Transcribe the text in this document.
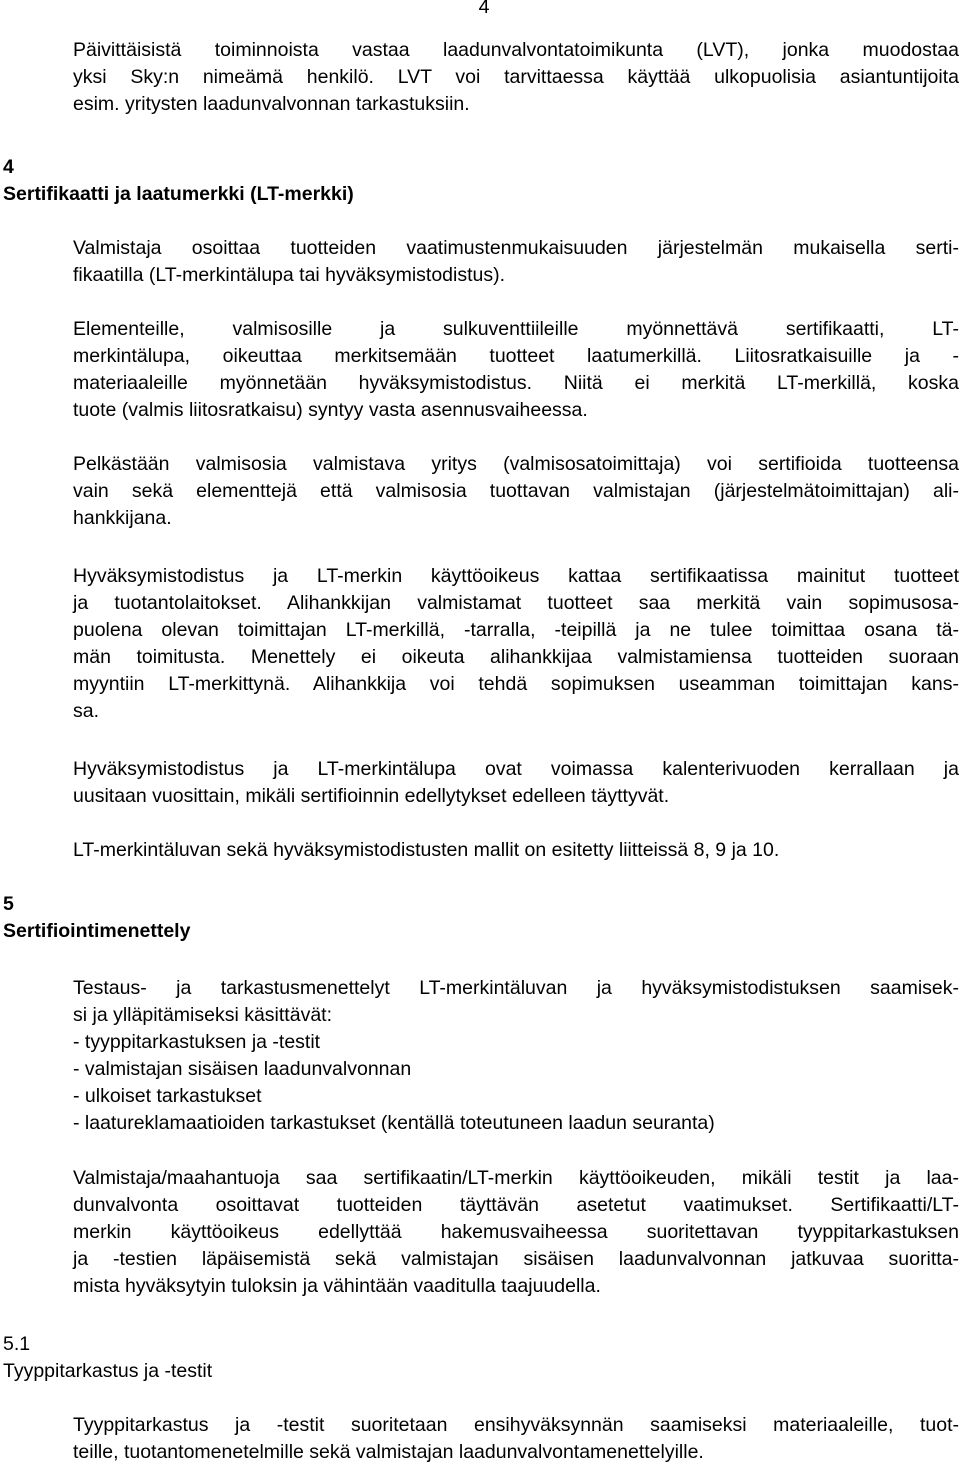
4
Päivittäisistä toiminnoista vastaa laadunvalvontatoimikunta (LVT), jonka muodostaa
yksi Sky:n nimeämä henkilö. LVT voi tarvittaessa käyttää ulkopuolisia asiantuntijoita
esim. yritysten laadunvalvonnan tarkastuksiin.
4
Sertifikaatti ja laatumerkki (LT-merkki)
Valmistaja osoittaa tuotteiden vaatimustenmukaisuuden järjestelmän mukaisella serti-
fikaatilla (LT-merkintälupa tai hyväksymistodistus).
Elementeille, valmisosille ja sulkuventtiileille myönnettävä sertifikaatti, LT-
merkintälupa, oikeuttaa merkitsemään tuotteet laatumerkillä. Liitosratkaisuille ja -
materiaaleille myönnetään hyväksymistodistus. Niitä ei merkitä LT-merkillä, koska
tuote (valmis liitosratkaisu) syntyy vasta asennusvaiheessa.
Pelkästään valmisosia valmistava yritys (valmisosatoimittaja) voi sertifioida tuotteensa
vain sekä elementtejä että valmisosia tuottavan valmistajan (järjestelmätoimittajan) ali-
hankkijana.
Hyväksymistodistus ja LT-merkin käyttöoikeus kattaa sertifikaatissa mainitut tuotteet
ja tuotantolaitokset. Alihankkijan valmistamat tuotteet saa merkitä vain sopimusosa-
puolena olevan toimittajan LT-merkillä, -tarralla, -teipillä ja ne tulee toimittaa osana tä-
män toimitusta. Menettely ei oikeuta alihankkijaa valmistamiensa tuotteiden suoraan
myyntiin LT-merkittynä. Alihankkija voi tehdä sopimuksen useamman toimittajan kans-
sa.
Hyväksymistodistus ja LT-merkintälupa ovat voimassa kalenterivuoden kerrallaan ja
uusitaan vuosittain, mikäli sertifioinnin edellytykset edelleen täyttyvät.
LT-merkintäluvan sekä hyväksymistodistusten mallit on esitetty liitteissä 8, 9 ja 10.
5
Sertifiointimenettely
Testaus- ja tarkastusmenettelyt LT-merkintäluvan ja hyväksymistodistuksen saamisek-
si ja ylläpitämiseksi käsittävät:
- tyyppitarkastuksen ja -testit
- valmistajan sisäisen laadunvalvonnan
- ulkoiset tarkastukset
- laatureklamaatioiden tarkastukset (kentällä toteutuneen laadun seuranta)
Valmistaja/maahantuoja saa sertifikaatin/LT-merkin käyttöoikeuden, mikäli testit ja laa-
dunvalvonta osoittavat tuotteiden täyttävän asetetut vaatimukset. Sertifikaatti/LT-
merkin käyttöoikeus edellyttää hakemusvaiheessa suoritettavan tyyppitarkastuksen
ja -testien läpäisemistä sekä valmistajan sisäisen laadunvalvonnan jatkuvaa suoritta-
mista hyväksytyin tuloksin ja vähintään vaaditulla taajuudella.
5.1
Tyyppitarkastus ja -testit
Tyyppitarkastus ja -testit suoritetaan ensihyväksynnän saamiseksi materiaaleille, tuot-
teille, tuotantomenetelmille sekä valmistajan laadunvalvontamenettelyille.
